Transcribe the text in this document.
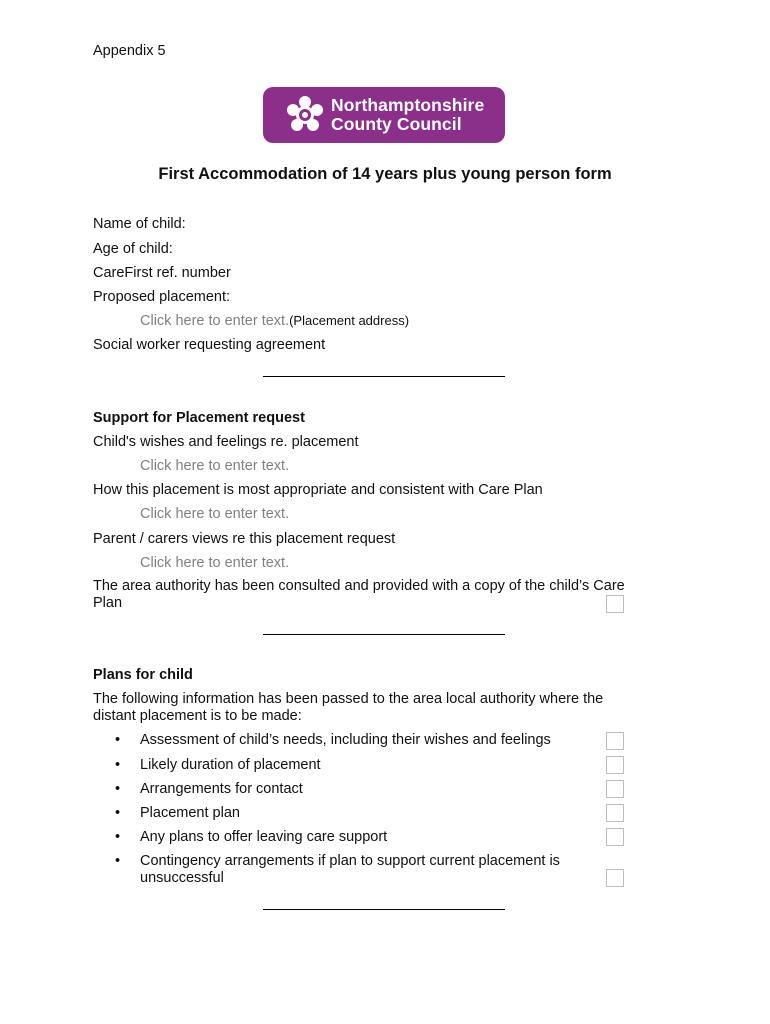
Appendix 5
Northamptonshire
County Council
First Accommodation of 14 years plus young person form
Name of child:
Age of child:
CareFirst ref. number
Proposed placement:
Click here to enter text.(Placement address)
Social worker requesting agreement
Support for Placement request
Child's wishes and feelings re. placement
Click here to enter text.
How this placement is most appropriate and consistent with Care Plan
Click here to enter text.
Parent / carers views re this placement request
Click here to enter text.
The area authority has been consulted and provided with a copy of the child’s Care
Plan
Plans for child
The following information has been passed to the area local authority where the
distant placement is to be made:
• Assessment of child’s needs, including their wishes and feelings
• Likely duration of placement
• Arrangements for contact
• Placement plan
• Any plans to offer leaving care support
• Contingency arrangements if plan to support current placement is
unsuccessful
